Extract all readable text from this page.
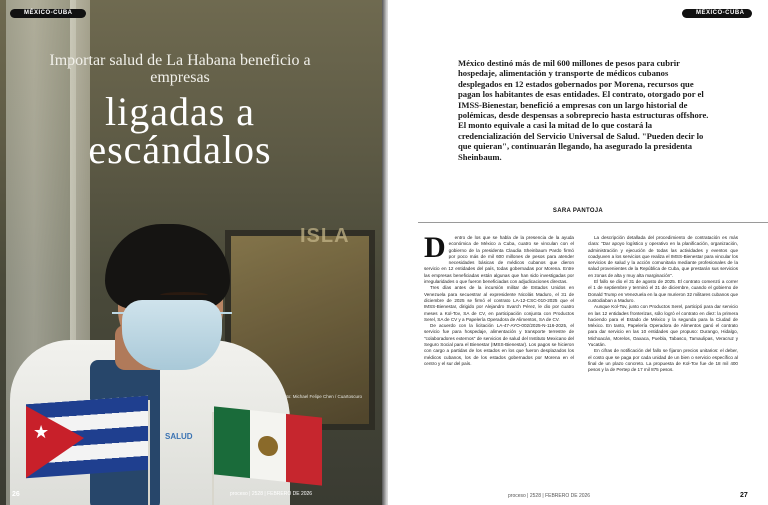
ISLA
★	SALUD
MÉXICO-CUBA
Importar salud de La Habana beneficio a empresas
ligadas a
escándalos
Foto: Michael Felipe Chen / Cuartoscuro
26	proceso | 2528 | FEBRERO DE 2026
MÉXICO-CUBA
México destinó más de mil 600 millones de pesos para cubrir hospedaje, alimentación y transporte de médicos cubanos desplegados en 12 estados gobernados por Morena, recursos que pagan los habitantes de esas entidades. El contrato, otorgado por el IMSS-Bienestar, benefició a empresas con un largo historial de polémicas, desde despensas a sobreprecio hasta estructuras offshore. El monto equivale a casi la mitad de lo que costará la credencialización del Servicio Universal de Salud. "Pueden decir lo que quieran", continuarán llegando, ha asegurado la presidenta Sheinbaum.
SARA PANTOJA
D	entro de los que se habla de la presencia de la ayuda económica de México a Cuba, cuatro se vinculan con el gobierno de la presidenta Claudia Sheinbaum Pardo firmó por poco más de mil 600 millones de pesos para atender necesidades básicas de médicos cubanos que dieron servicio en 12 entidades del país, todas gobernadas por Morena. Entre las empresas beneficiadas están algunas que han sido investigadas por irregularidades o que fueron beneficiadas con adjudicaciones directas.

Tres días antes de la incursión militar de Estados Unidos en Venezuela para secuestrar al expresidente Nicolás Maduro, el 31 de diciembre de 2025 se firmó el contrato LA-12-CSC-010-2025 que el IMSS-Bienestar, dirigido por Alejandro Svarch Pérez, le dio por cuatro meses a Kol-Tov, SA de CV, en participación conjunta con Productos Serel, SA de CV y a Papelería Operadora de Alimentos, SA de CV.

De acuerdo con la licitación LA-47-AYO-002/2025-N-116-2025, el servicio fue para hospedaje, alimentación y transporte terrestre de "colaboradores externos" de servicios de salud del Instituto Mexicano del Seguro Social para el Bienestar (IMSS-Bienestar). Los pagos se hicieron con cargo a partidas de los estados en los que fueron desplazados los médicos cubanos, los de los estados gobernados por Morena en el centro y el sur del país.

La descripción detallada del procedimiento de contratación es más clara: "Dar apoyo logístico y operativo en la planificación, organización, administración y ejecución de todas las actividades y eventos que coadyuven a los servicios que realiza el IMSS-Bienestar para vincular los servicios de salud y la acción comunitaria mediante profesionales de la salud provenientes de la República de Cuba, que prestarán sus servicios en zonas de alta y muy alta marginación".

El fallo se dio el 31 de agosto de 2025. El contrato comenzó a correr el 1 de septiembre y terminó el 31 de diciembre, cuando el gobierno de Donald Trump en Venezuela en la que murieron 32 militares cubanos que custodiaban a Maduro.

Aunque Kol-Tov, junto con Productos Serel, participó para dar servicio en las 12 entidades fronterizas, sólo logró el contrato en diez: la primera haciendo para el Estado de México y la segunda para la Ciudad de México. En tanto, Papelería Operadora de Alimentos ganó el contrato para dar servicio en las 10 entidades que propuso: Durango, Hidalgo, Michoacán, Morelos, Oaxaca, Puebla, Tabasco, Tamaulipas, Veracruz y Yucatán.

En cifras de notificación del fallo se fijaron precios unitarios: el deber, el costo que se paga por cada unidad de un bien o servicio específico al final de un plazo concreto. La propuesta de Kol-Tov fue de 18 mil 400 pesos y la de Pertep de 17 mil 875 pesos.

proceso | 2528 | FEBRERO DE 2026	27
